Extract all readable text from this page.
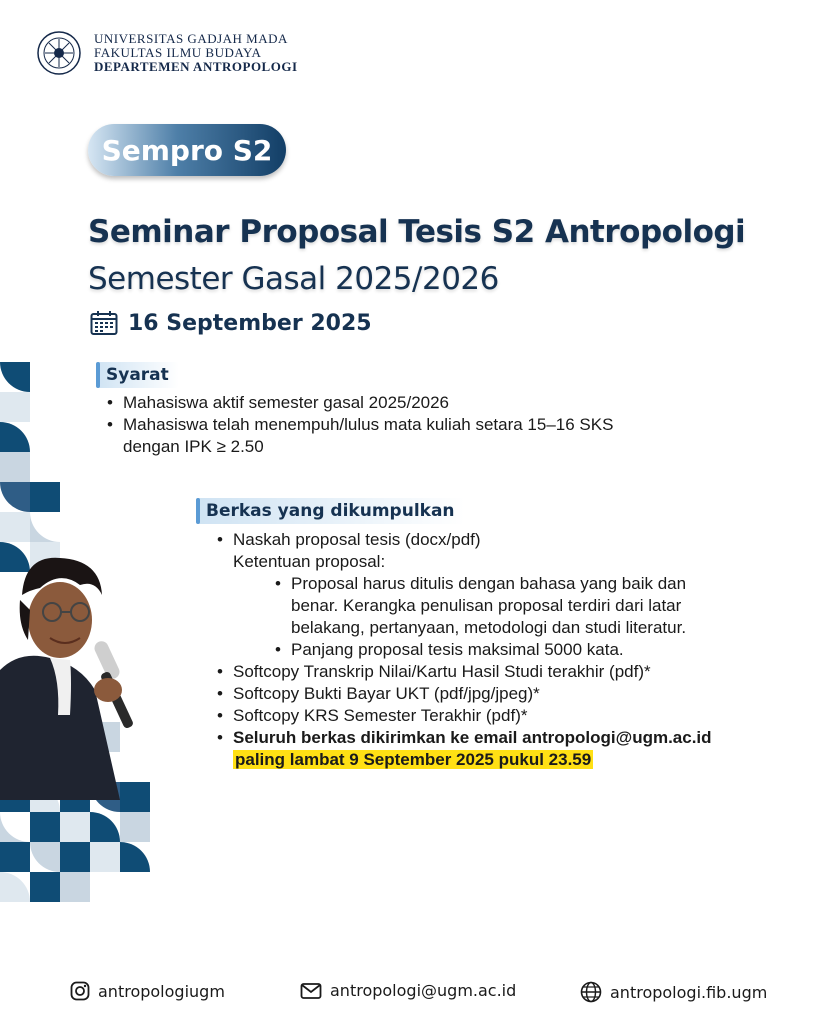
UNIVERSITAS GADJAH MADA
FAKULTAS ILMU BUDAYA
DEPARTEMEN ANTROPOLOGI
Sempro S2
Seminar Proposal Tesis S2 Antropologi
Semester Gasal 2025/2026
16 September 2025
Syarat
• Mahasiswa aktif semester gasal 2025/2026
• Mahasiswa telah menempuh/lulus mata kuliah setara 15–16 SKS
dengan IPK ≥ 2.50
Berkas yang dikumpulkan
• Naskah proposal tesis (docx/pdf)
Ketentuan proposal:
• Proposal harus ditulis dengan bahasa yang baik dan
benar. Kerangka penulisan proposal terdiri dari latar
belakang, pertanyaan, metodologi dan studi literatur.
• Panjang proposal tesis maksimal 5000 kata.
• Softcopy Transkrip Nilai/Kartu Hasil Studi terakhir (pdf)*
• Softcopy Bukti Bayar UKT (pdf/jpg/jpeg)*
• Softcopy KRS Semester Terakhir (pdf)*
• Seluruh berkas dikirimkan ke email antropologi@ugm.ac.id
paling lambat 9 September 2025 pukul 23.59
antropologiugm	antropologi@ugm.ac.id	antropologi.fib.ugm
